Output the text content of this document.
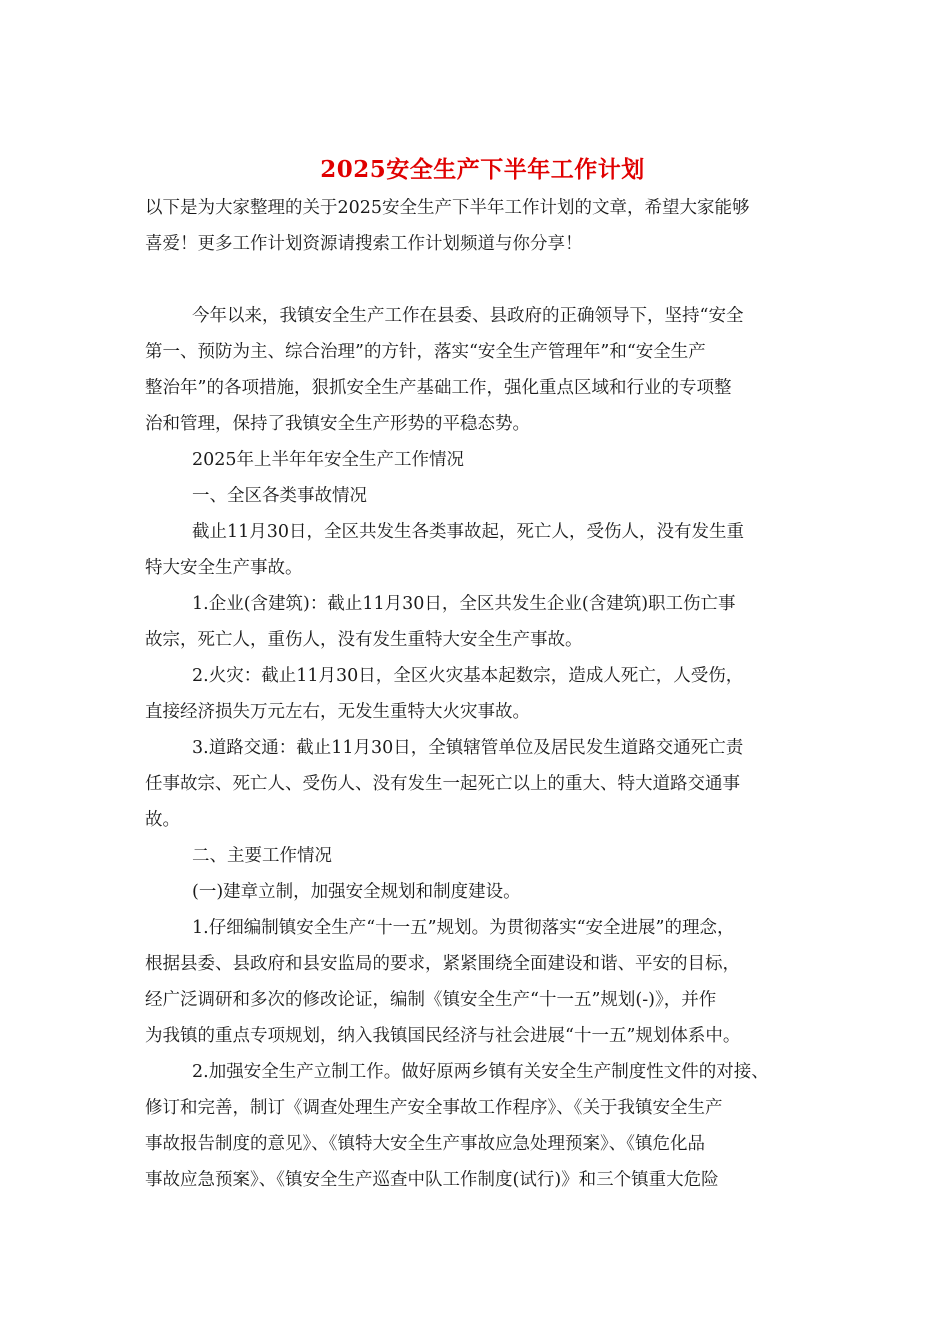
2025安全生产下半年工作计划

以下是为大家整理的关于2025安全生产下半年工作计划的文章，希望大家能够

喜爱！更多工作计划资源请搜索工作计划频道与你分享！

今年以来，我镇安全生产工作在县委、县政府的正确领导下，坚持“安全

第一、预防为主、综合治理”的方针，落实“安全生产管理年”和“安全生产

整治年”的各项措施，狠抓安全生产基础工作，强化重点区域和行业的专项整

治和管理，保持了我镇安全生产形势的平稳态势。

2025年上半年年安全生产工作情况

一、全区各类事故情况

截止11月30日，全区共发生各类事故起，死亡人，受伤人，没有发生重

特大安全生产事故。

1.企业(含建筑)：截止11月30日，全区共发生企业(含建筑)职工伤亡事

故宗，死亡人，重伤人，没有发生重特大安全生产事故。

2.火灾：截止11月30日，全区火灾基本起数宗，造成人死亡，人受伤，

直接经济损失万元左右，无发生重特大火灾事故。

3.道路交通：截止11月30日，全镇辖管单位及居民发生道路交通死亡责

任事故宗、死亡人、受伤人、没有发生一起死亡以上的重大、特大道路交通事

故。

二、主要工作情况

(一)建章立制，加强安全规划和制度建设。

1.仔细编制镇安全生产“十一五”规划。为贯彻落实“安全进展”的理念，

根据县委、县政府和县安监局的要求，紧紧围绕全面建设和谐、平安的目标，

经广泛调研和多次的修改论证，编制《镇安全生产“十一五”规划(-)》，并作

为我镇的重点专项规划，纳入我镇国民经济与社会进展“十一五”规划体系中。

2.加强安全生产立制工作。做好原两乡镇有关安全生产制度性文件的对接、

修订和完善，制订《调查处理生产安全事故工作程序》、《关于我镇安全生产

事故报告制度的意见》、《镇特大安全生产事故应急处理预案》、《镇危化品

事故应急预案》、《镇安全生产巡查中队工作制度(试行)》和三个镇重大危险
